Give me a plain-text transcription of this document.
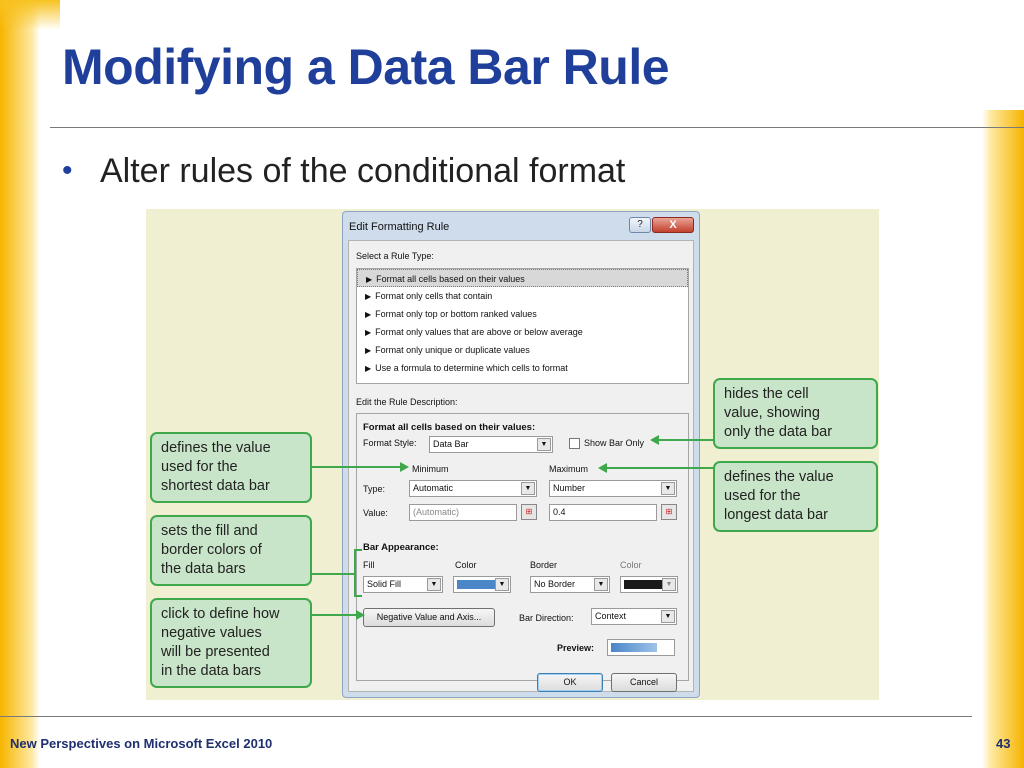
Modifying a Data Bar Rule
• Alter rules of the conditional format
Edit Formatting Rule	?	X
Select a Rule Type:
▶ Format all cells based on their values
▶ Format only cells that contain
▶ Format only top or bottom ranked values
▶ Format only values that are above or below average
▶ Format only unique or duplicate values
▶ Use a formula to determine which cells to format
Edit the Rule Description:
Format all cells based on their values:
Format Style:	Data Bar	▼	Show Bar Only
Minimum	Maximum
Type:	Automatic	▼	Number	▼
Value:	(Automatic)	⊞	0.4	⊞
Bar Appearance:
Fill	Color	Border	Color
Solid Fill	▼	▼	No Border	▼	▼
Negative Value and Axis...	Bar Direction:	Context	▼
Preview:
OK	Cancel
hides the cell
value, showing
only the data bar
defines the value
used for the
shortest data bar
defines the value
used for the
longest data bar
sets the fill and
border colors of
the data bars
click to define how
negative values
will be presented
in the data bars
New Perspectives on Microsoft Excel 2010	43
